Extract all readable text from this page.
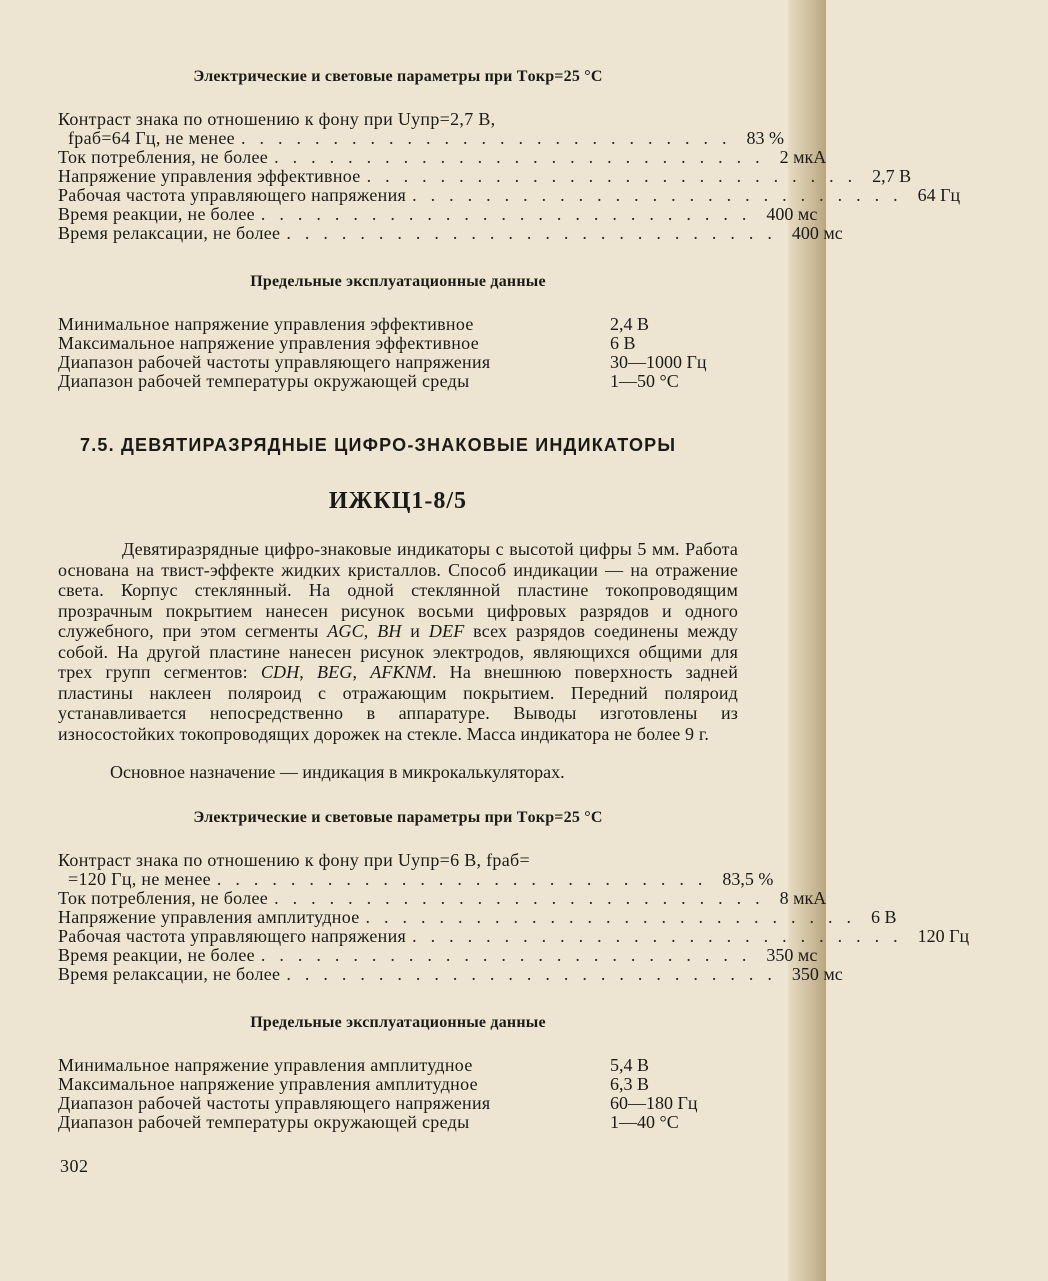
Электрические и световые параметры при Tокр=25 °С
Контраст знака по отношению к фону при Uупр=2,7 В,
fраб=64 Гц, не менее ........................... 83 %
Ток потребления, не более ........................... 2 мкА
Напряжение управления эффективное ........................... 2,7 В
Рабочая частота управляющего напряжения ........................... 64 Гц
Время реакции, не более ........................... 400 мс
Время релаксации, не более ........................... 400 мс
Предельные эксплуатационные данные
Минимальное напряжение управления эффективное	2,4 В
Максимальное напряжение управления эффективное	6 В
Диапазон рабочей частоты управляющего напряжения	30—1000 Гц
Диапазон рабочей температуры окружающей среды	1—50 °С
7.5. ДЕВЯТИРАЗРЯДНЫЕ ЦИФРО-ЗНАКОВЫЕ ИНДИКАТОРЫ
ИЖКЦ1-8/5

Девятиразрядные цифро-знаковые индикаторы с высотой цифры 5 мм. Работа основана на твист-эффекте жидких кристаллов. Способ индикации — на отражение света. Корпус стеклянный. На одной стеклянной пластине токопроводящим прозрачным покрытием нанесен рисунок восьми цифровых разрядов и одного служебного, при этом сегменты AGC, BH и DEF всех разрядов соединены между собой. На другой пластине нанесен рисунок электродов, являющихся общими для трех групп сегментов: CDH, BEG, AFKNM. На внешнюю поверхность задней пластины наклеен поляроид с отражающим покрытием. Передний поляроид устанавливается непосредственно в аппаратуре. Выводы изготовлены из износостойких токопроводящих дорожек на стекле. Масса индикатора не более 9 г.

Основное назначение — индикация в микрокалькуляторах.

Электрические и световые параметры при Tокр=25 °С
Контраст знака по отношению к фону при Uупр=6 В, fраб=
=120 Гц, не менее ........................... 83,5 %
Ток потребления, не более ........................... 8 мкА
Напряжение управления амплитудное ........................... 6 В
Рабочая частота управляющего напряжения ........................... 120 Гц
Время реакции, не более ........................... 350 мс
Время релаксации, не более ........................... 350 мс
Предельные эксплуатационные данные
Минимальное напряжение управления амплитудное	5,4 В
Максимальное напряжение управления амплитудное	6,3 В
Диапазон рабочей частоты управляющего напряжения	60—180 Гц
Диапазон рабочей температуры окружающей среды	1—40 °С
302
